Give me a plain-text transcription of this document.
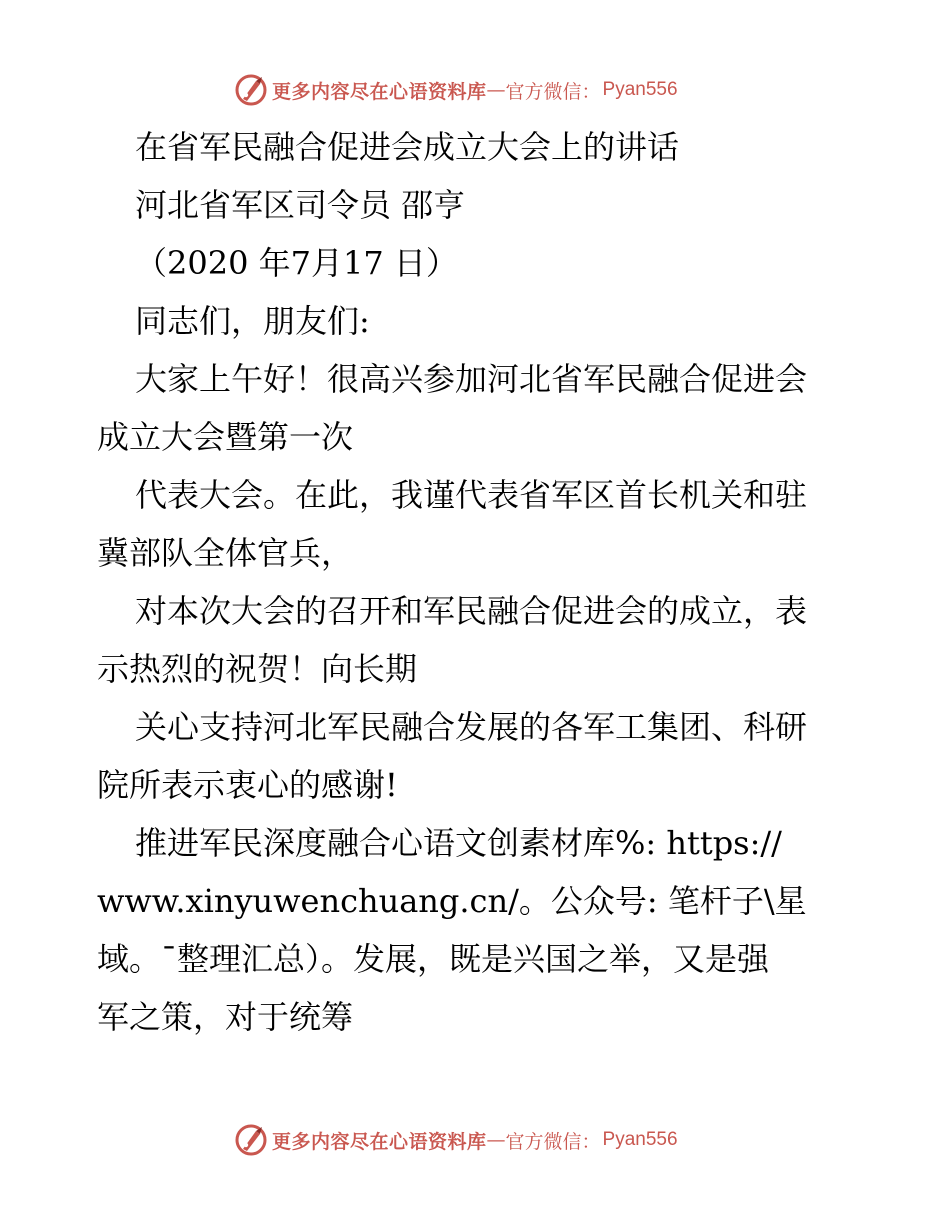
更多内容尽在心语资料库 — 官方微信： Pyan556
在省军民融合促进会成立大会上的讲话
河北省军区司令员 邵亨
（2020 年7月17 日）
同志们，朋友们:
大家上午好！很高兴参加河北省军民融合促进会
成立大会暨第一次
代表大会。在此，我谨代表省军区首长机关和驻
冀部队全体官兵，
对本次大会的召开和军民融合促进会的成立，表
示热烈的祝贺！向长期
关心支持河北军民融合发展的各军工集团、科研
院所表示衷心的感谢!
推进军民深度融合心语文创素材库%: https://
www.xinyuwenchuang.cn/。公众号: 笔杆子\星
域。¯整理汇总）。发展，既是兴国之举，又是强
军之策，对于统筹
更多内容尽在心语资料库 — 官方微信： Pyan556
